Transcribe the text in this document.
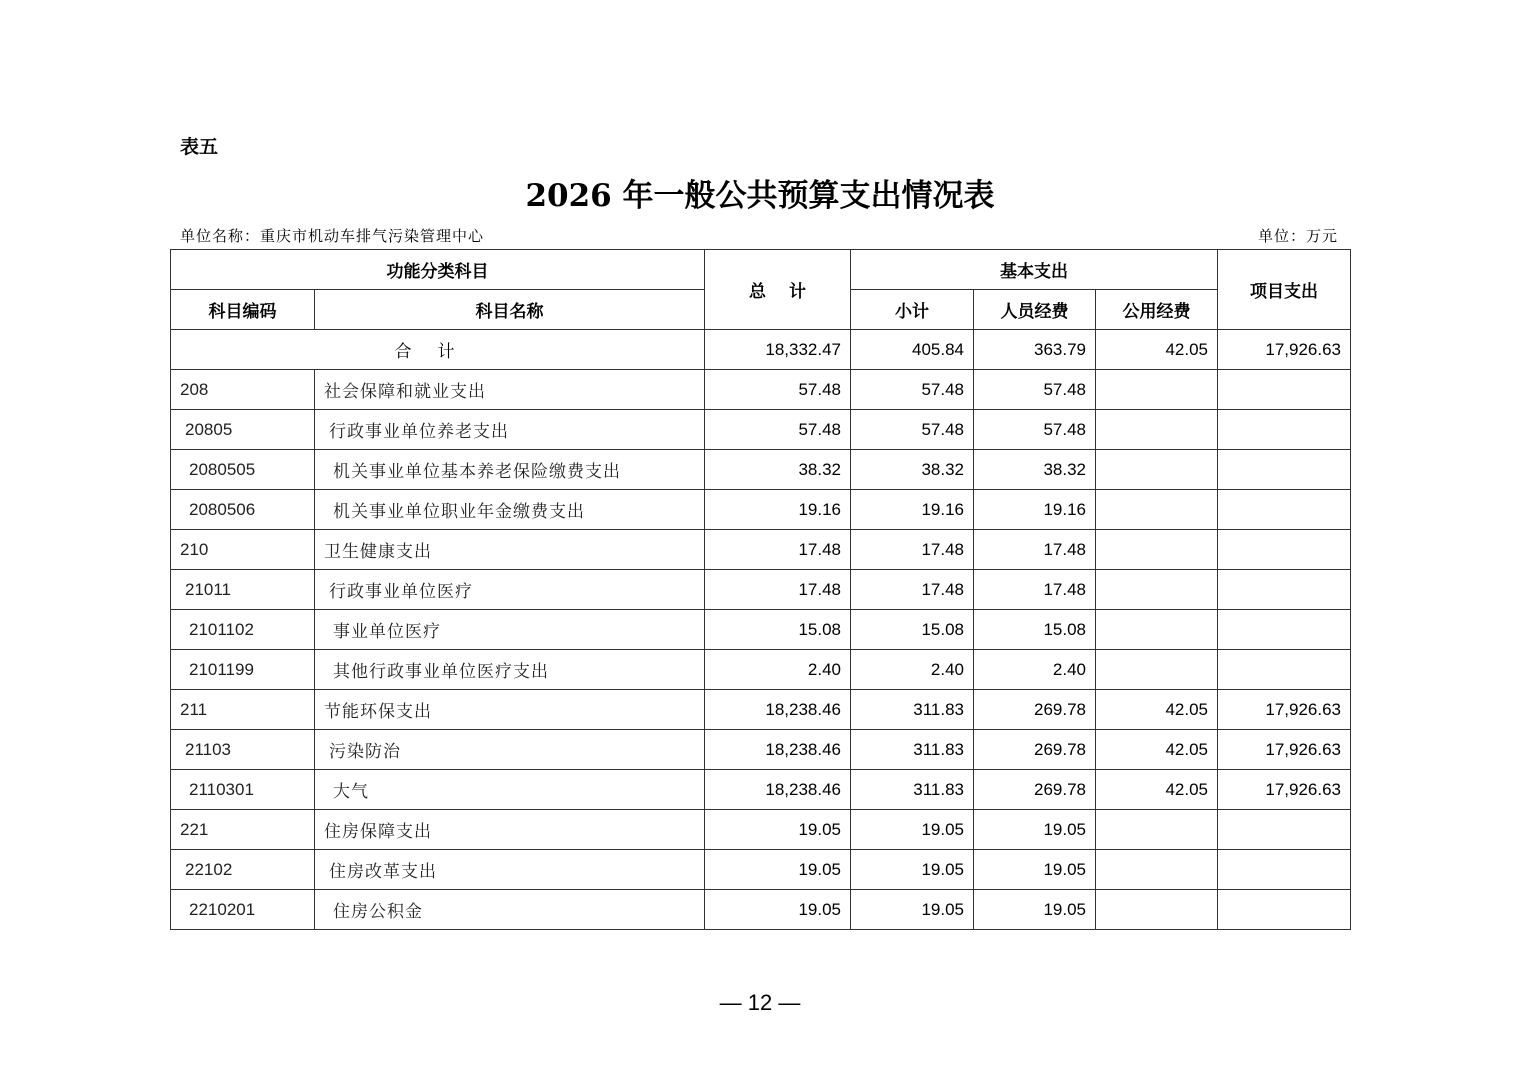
表五
2026 年一般公共预算支出情况表
单位名称：重庆市机动车排气污染管理中心	单位：万元
功能分类科目		总　 计	基本支出			项目支出
科目编码	科目名称		小计	人员经费	公用经费	
合计		18,332.47	405.84	363.79	42.05	17,926.63
208	社会保障和就业支出	57.48	57.48	57.48		
20805	行政事业单位养老支出	57.48	57.48	57.48		
2080505	机关事业单位基本养老保险缴费支出	38.32	38.32	38.32		
2080506	机关事业单位职业年金缴费支出	19.16	19.16	19.16		
210	卫生健康支出	17.48	17.48	17.48		
21011	行政事业单位医疗	17.48	17.48	17.48		
2101102	事业单位医疗	15.08	15.08	15.08		
2101199	其他行政事业单位医疗支出	2.40	2.40	2.40		
211	节能环保支出	18,238.46	311.83	269.78	42.05	17,926.63
21103	污染防治	18,238.46	311.83	269.78	42.05	17,926.63
2110301	大气	18,238.46	311.83	269.78	42.05	17,926.63
221	住房保障支出	19.05	19.05	19.05		
22102	住房改革支出	19.05	19.05	19.05		
2210201	住房公积金	19.05	19.05	19.05		
— 12 —
